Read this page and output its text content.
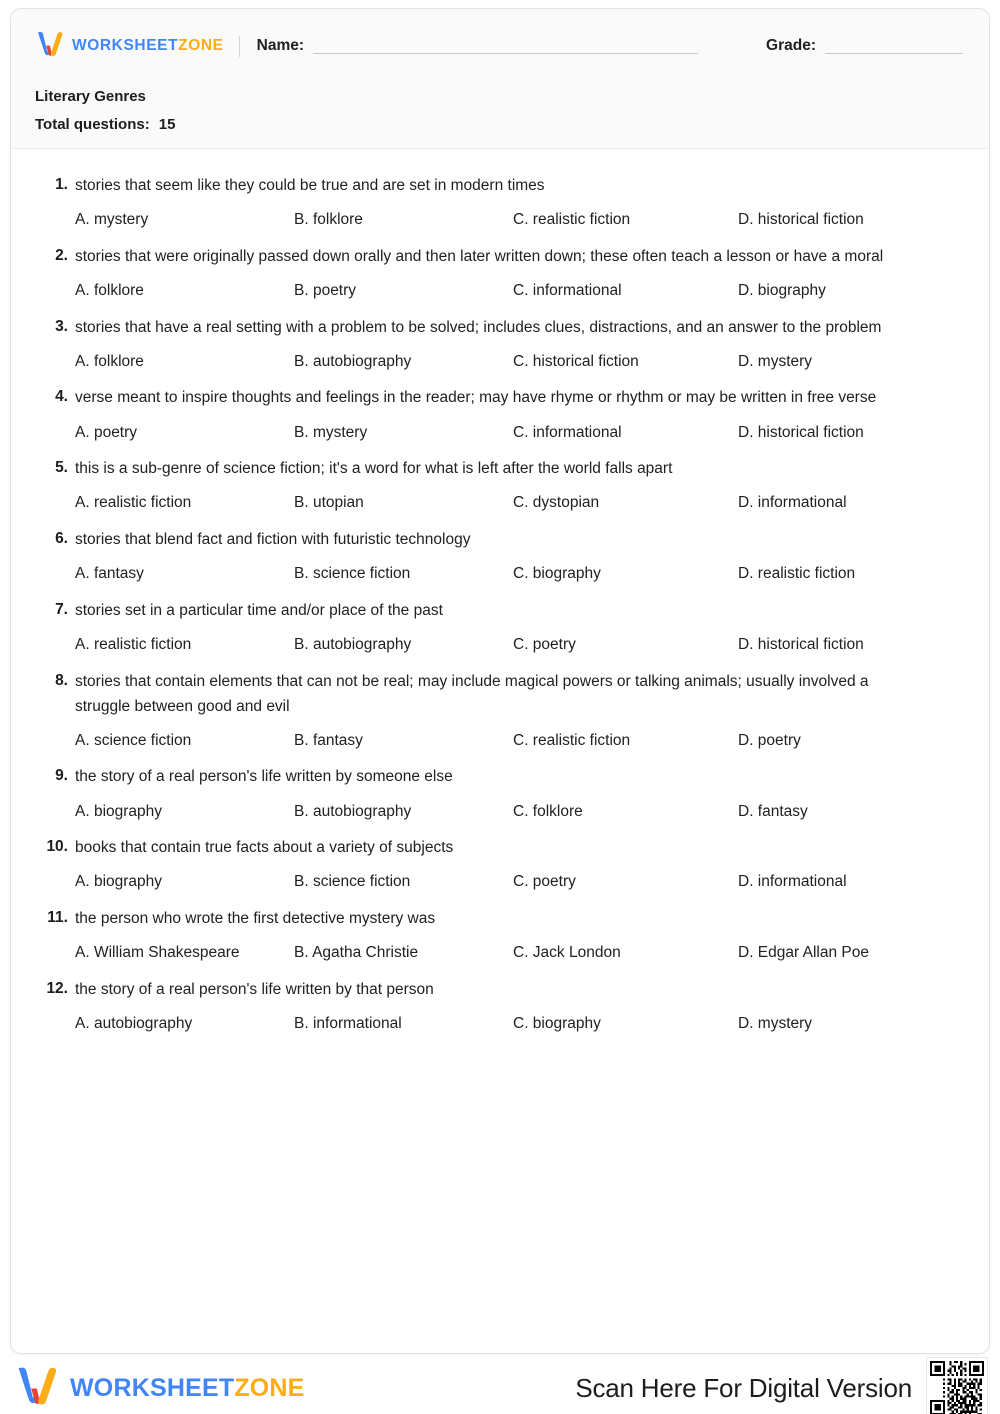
WORKSHEETZONE Name:	Grade:
Literary Genres
Total questions: 15
1. stories that seem like they could be true and are set in modern times
A. mystery	B. folklore	C. realistic fiction	D. historical fiction
2. stories that were originally passed down orally and then later written down; these often teach a lesson or have a moral
A. folklore	B. poetry	C. informational	D. biography
3. stories that have a real setting with a problem to be solved; includes clues, distractions, and an answer to the problem
A. folklore	B. autobiography	C. historical fiction	D. mystery
4. verse meant to inspire thoughts and feelings in the reader; may have rhyme or rhythm or may be written in free verse
A. poetry	B. mystery	C. informational	D. historical fiction
5. this is a sub-genre of science fiction; it's a word for what is left after the world falls apart
A. realistic fiction	B. utopian	C. dystopian	D. informational
6. stories that blend fact and fiction with futuristic technology
A. fantasy	B. science fiction	C. biography	D. realistic fiction
7. stories set in a particular time and/or place of the past
A. realistic fiction	B. autobiography	C. poetry	D. historical fiction
8. stories that contain elements that can not be real; may include magical powers or talking animals; usually involved a struggle between good and evil
A. science fiction	B. fantasy	C. realistic fiction	D. poetry
9. the story of a real person's life written by someone else
A. biography	B. autobiography	C. folklore	D. fantasy
10. books that contain true facts about a variety of subjects
A. biography	B. science fiction	C. poetry	D. informational
11. the person who wrote the first detective mystery was
A. William Shakespeare	B. Agatha Christie	C. Jack London	D. Edgar Allan Poe
12. the story of a real person's life written by that person
A. autobiography	B. informational	C. biography	D. mystery
WORKSHEETZONE	Scan Here For Digital Version
